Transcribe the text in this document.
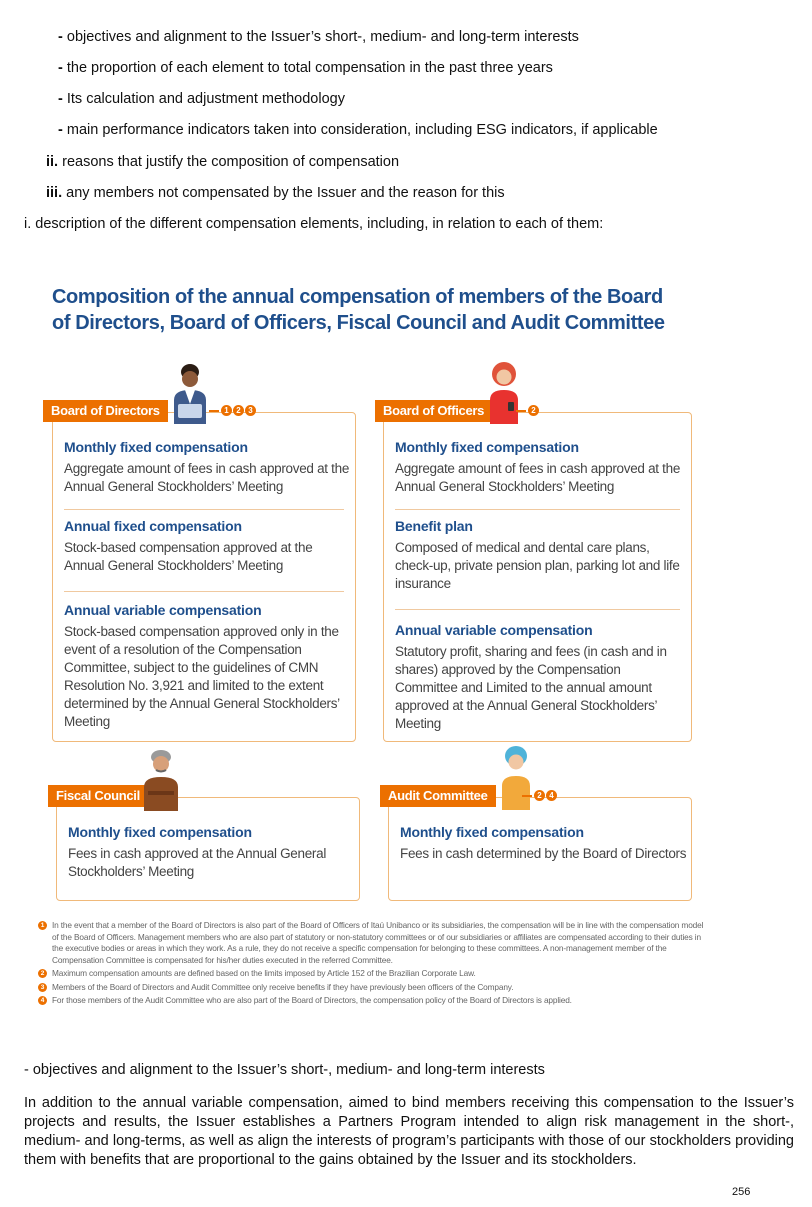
- objectives and alignment to the Issuer’s short-, medium- and long-term interests
- the proportion of each element to total compensation in the past three years
- Its calculation and adjustment methodology
- main performance indicators taken into consideration, including ESG indicators, if applicable
ii. reasons that justify the composition of compensation
iii. any members not compensated by the Issuer and the reason for this
i. description of the different compensation elements, including, in relation to each of them:
Composition of the annual compensation of members of the Board
of Directors, Board of Officers, Fiscal Council and Audit Committee
Monthly fixed compensation

Aggregate amount of fees in cash approved at the Annual General Stockholders’ Meeting

Annual fixed compensation

Stock-based compensation approved at the Annual General Stockholders’ Meeting

Annual variable compensation

Stock-based compensation approved only in the event of a resolution of the Compensation Committee, subject to the guidelines of CMN Resolution No. 3,921 and limited to the extent determined by the Annual General Stockholders’ Meeting

Board of Directors	1 2 3
Monthly fixed compensation

Aggregate amount of fees in cash approved at the Annual General Stockholders’ Meeting

Benefit plan

Composed of medical and dental care plans, check-up, private pension plan, parking lot and life insurance

Annual variable compensation

Statutory profit, sharing and fees (in cash and in shares) approved by the Compensation Committee and Limited to the annual amount approved at the Annual General Stockholders’ Meeting

Board of Officers	2
Monthly fixed compensation

Fees in cash approved at the Annual General Stockholders’ Meeting

Fiscal Council
Monthly fixed compensation

Fees in cash determined by the Board of Directors

Audit Committee	2 4
1 In the event that a member of the Board of Directors is also part of the Board of Officers of Itaú Unibanco or its subsidiaries, the compensation will be in line with the compensation model of the Board of Officers. Management members who are also part of statutory or non-statutory committees or of our subsidiaries or affiliates are compensated according to their duties in the executive bodies or areas in which they work. As a rule, they do not receive a specific compensation for belonging to these committees. A non-management member of the Compensation Committee is compensated for his/her duties executed in the referred Committee.
2 Maximum compensation amounts are defined based on the limits imposed by Article 152 of the Brazilian Corporate Law.
3 Members of the Board of Directors and Audit Committee only receive benefits if they have previously been officers of the Company.
4 For those members of the Audit Committee who are also part of the Board of Directors, the compensation policy of the Board of Directors is applied.
- objectives and alignment to the Issuer’s short-, medium- and long-term interests
In addition to the annual variable compensation, aimed to bind members receiving this compensation to the Issuer’s projects and results, the Issuer establishes a Partners Program intended to align risk management in the short-, medium- and long-terms, as well as align the interests of program’s participants with those of our stockholders providing them with benefits that are proportional to the gains obtained by the Issuer and its stockholders.
256
